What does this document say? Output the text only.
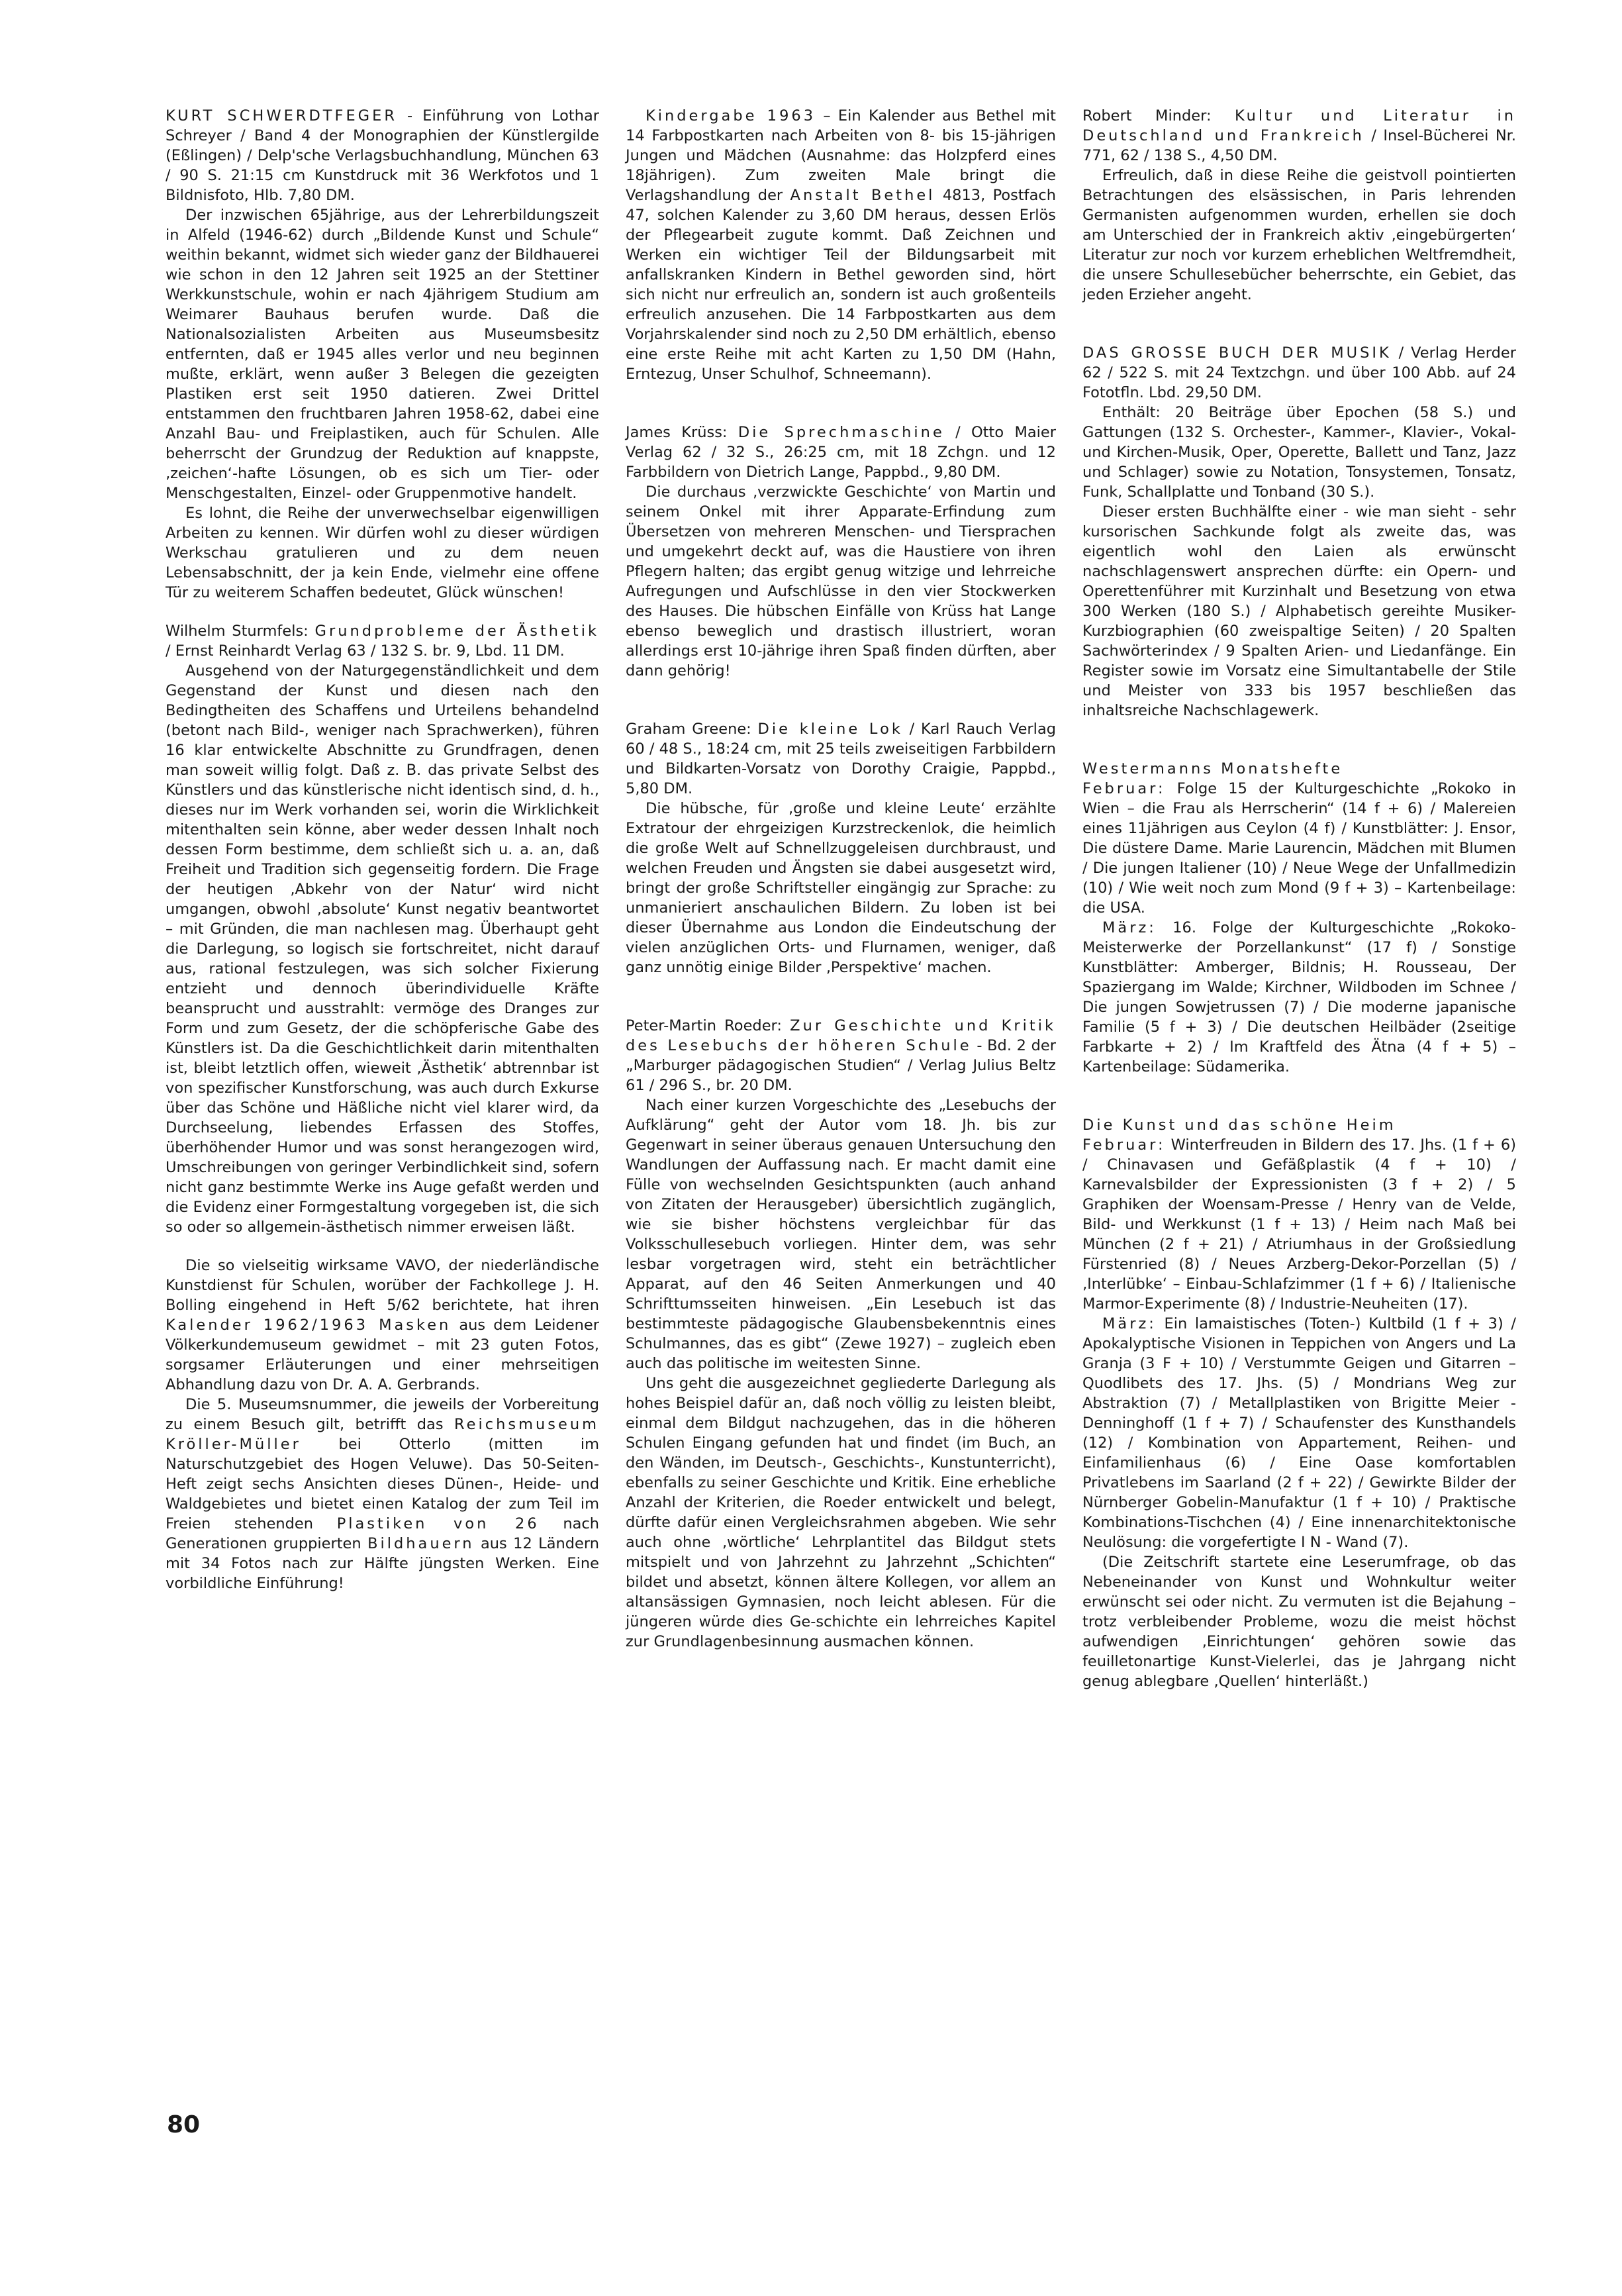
KURT SCHWERDTFEGER - Einführung von Lothar Schreyer / Band 4 der Monographien der Künstlergilde (Eßlingen) / Delp'sche Verlagsbuchhandlung, München 63 / 90 S. 21:15 cm Kunstdruck mit 36 Werkfotos und 1 Bildnisfoto, Hlb. 7,80 DM.

Der inzwischen 65jährige, aus der Lehrerbildungszeit in Alfeld (1946-62) durch „Bildende Kunst und Schule“ weithin bekannt, widmet sich wieder ganz der Bildhauerei wie schon in den 12 Jahren seit 1925 an der Stettiner Werkkunstschule, wohin er nach 4jährigem Studium am Weimarer Bauhaus berufen wurde. Daß die Nationalsozialisten Arbeiten aus Museumsbesitz entfernten, daß er 1945 alles verlor und neu beginnen mußte, erklärt, wenn außer 3 Belegen die gezeigten Plastiken erst seit 1950 datieren. Zwei Drittel entstammen den fruchtbaren Jahren 1958-62, dabei eine Anzahl Bau- und Freiplastiken, auch für Schulen. Alle beherrscht der Grundzug der Reduktion auf knappste, ‚zeichen‘-hafte Lösungen, ob es sich um Tier- oder Menschgestalten, Einzel- oder Gruppenmotive handelt.

Es lohnt, die Reihe der unverwechselbar eigenwilligen Arbeiten zu kennen. Wir dürfen wohl zu dieser würdigen Werkschau gratulieren und zu dem neuen Lebensabschnitt, der ja kein Ende, vielmehr eine offene Tür zu weiterem Schaffen bedeutet, Glück wünschen!

Wilhelm Sturmfels: Grundprobleme der Ästhetik / Ernst Reinhardt Verlag 63 / 132 S. br. 9, Lbd. 11 DM.

Ausgehend von der Naturgegenständlichkeit und dem Gegenstand der Kunst und diesen nach den Bedingtheiten des Schaffens und Urteilens behandelnd (betont nach Bild-, weniger nach Sprachwerken), führen 16 klar entwickelte Abschnitte zu Grundfragen, denen man soweit willig folgt. Daß z. B. das private Selbst des Künstlers und das künstlerische nicht identisch sind, d. h., dieses nur im Werk vorhanden sei, worin die Wirklichkeit mitenthalten sein könne, aber weder dessen Inhalt noch dessen Form bestimme, dem schließt sich u. a. an, daß Freiheit und Tradition sich gegenseitig fordern. Die Frage der heutigen ‚Abkehr von der Natur‘ wird nicht umgangen, obwohl ‚absolute‘ Kunst negativ beantwortet – mit Gründen, die man nachlesen mag. Überhaupt geht die Darlegung, so logisch sie fortschreitet, nicht darauf aus, rational festzulegen, was sich solcher Fixierung entzieht und dennoch überindividuelle Kräfte beansprucht und ausstrahlt: vermöge des Dranges zur Form und zum Gesetz, der die schöpferische Gabe des Künstlers ist. Da die Geschichtlichkeit darin mitenthalten ist, bleibt letztlich offen, wieweit ‚Ästhetik‘ abtrennbar ist von spezifischer Kunstforschung, was auch durch Exkurse über das Schöne und Häßliche nicht viel klarer wird, da Durchseelung, liebendes Erfassen des Stoffes, überhöhender Humor und was sonst herangezogen wird, Umschreibungen von geringer Verbindlichkeit sind, sofern nicht ganz bestimmte Werke ins Auge gefaßt werden und die Evidenz einer Formgestaltung vorgegeben ist, die sich so oder so allgemein-ästhetisch nimmer erweisen läßt.

Die so vielseitig wirksame VAVO, der niederländische Kunstdienst für Schulen, worüber der Fachkollege J. H. Bolling eingehend in Heft 5/62 berichtete, hat ihren Kalender 1962/1963 Masken aus dem Leidener Völkerkundemuseum gewidmet – mit 23 guten Fotos, sorgsamer Erläuterungen und einer mehrseitigen Abhandlung dazu von Dr. A. A. Gerbrands.

Die 5. Museumsnummer, die jeweils der Vorbereitung zu einem Besuch gilt, betrifft das Reichsmuseum Kröller-Müller	bei Otterlo (mitten im Naturschutzgebiet des Hogen Veluwe). Das 50-Seiten-Heft zeigt sechs Ansichten dieses Dünen-, Heide- und Waldgebietes und bietet einen Katalog der zum Teil im Freien stehenden Plastiken von 26 nach Generationen gruppierten Bildhauern aus 12 Ländern mit 34 Fotos nach zur Hälfte jüngsten Werken. Eine vorbildliche Einführung!

Kindergabe 1963 – Ein Kalender aus Bethel mit 14 Farbpostkarten nach Arbeiten von 8- bis 15-jährigen Jungen und Mädchen (Ausnahme: das Holzpferd eines 18jährigen). Zum zweiten Male bringt die Verlagshandlung der Anstalt Bethel 4813, Postfach 47, solchen Kalender zu 3,60 DM heraus, dessen Erlös der Pflegearbeit zugute kommt. Daß Zeichnen und Werken ein wichtiger Teil der Bildungsarbeit mit anfallskranken Kindern in Bethel geworden sind, hört sich nicht nur erfreulich an, sondern ist auch großenteils erfreulich anzusehen. Die 14 Farbpostkarten aus dem Vorjahrskalender sind noch zu 2,50 DM erhältlich, ebenso eine erste Reihe mit acht Karten zu 1,50 DM (Hahn, Erntezug, Unser Schulhof, Schneemann).

James Krüss: Die Sprechmaschine / Otto Maier Verlag 62 / 32 S., 26:25 cm, mit 18 Zchgn. und 12 Farbbildern von Dietrich Lange, Pappbd., 9,80 DM.

Die durchaus ‚verzwickte Geschichte‘ von Martin und seinem Onkel mit ihrer Apparate-Erfindung zum Übersetzen von mehreren Menschen- und Tiersprachen und umgekehrt deckt auf, was die Haustiere von ihren Pflegern halten; das ergibt genug witzige und lehrreiche Aufregungen und Aufschlüsse in den vier Stockwerken des Hauses. Die hübschen Einfälle von Krüss hat Lange ebenso beweglich und drastisch illustriert, woran allerdings erst 10-jährige ihren Spaß finden dürften, aber dann gehörig!

Graham Greene: Die kleine Lok / Karl Rauch Verlag 60 / 48 S., 18:24 cm, mit 25 teils zweiseitigen Farbbildern und Bildkarten-Vorsatz von Dorothy Craigie, Pappbd., 5,80 DM.

Die hübsche, für ‚große und kleine Leute‘ erzählte Extratour der ehrgeizigen Kurzstreckenlok, die heimlich die große Welt auf Schnellzuggeleisen durchbraust, und welchen Freuden und Ängsten sie dabei ausgesetzt wird, bringt der große Schriftsteller eingängig zur Sprache: zu unmanieriert anschaulichen Bildern. Zu loben ist bei dieser Übernahme aus London die Eindeutschung der vielen anzüglichen Orts- und Flurnamen, weniger, daß ganz unnötig einige Bilder ‚Perspektive‘ machen.

Peter-Martin Roeder: Zur Geschichte und Kritik des Lesebuchs der höheren Schule - Bd. 2 der „Marburger pädagogischen Studien“ / Verlag Julius Beltz 61 / 296 S., br. 20 DM.

Nach einer kurzen Vorgeschichte des „Lesebuchs der Aufklärung“ geht der Autor vom 18. Jh. bis zur Gegenwart in seiner überaus genauen Untersuchung den Wandlungen der Auffassung nach. Er macht damit eine Fülle von wechselnden Gesichtspunkten (auch anhand von Zitaten der Herausgeber) übersichtlich zugänglich, wie sie bisher höchstens vergleichbar für das Volksschullesebuch vorliegen. Hinter dem, was sehr lesbar vorgetragen wird, steht ein beträchtlicher Apparat, auf den 46 Seiten Anmerkungen und 40 Schrifttumsseiten hinweisen. „Ein Lesebuch ist das bestimmteste pädagogische Glaubensbekenntnis eines Schulmannes, das es gibt“ (Zewe 1927) – zugleich eben auch das politische im weitesten Sinne.

Uns geht die ausgezeichnet gegliederte Darlegung als hohes Beispiel dafür an, daß noch völlig zu leisten bleibt, einmal dem Bildgut nachzugehen, das in die höheren Schulen Eingang gefunden hat und findet (im Buch, an den Wänden, im Deutsch-, Geschichts-, Kunstunterricht), ebenfalls zu seiner Geschichte und Kritik. Eine erhebliche Anzahl der Kriterien, die Roeder entwickelt und belegt, dürfte dafür einen Vergleichsrahmen abgeben. Wie sehr auch ohne ‚wörtliche‘ Lehrplantitel das Bildgut stets mitspielt und von Jahrzehnt zu Jahrzehnt „Schichten“ bildet und absetzt, können ältere Kollegen, vor allem an altansässigen Gymnasien, noch leicht ablesen. Für die jüngeren würde dies Ge-schichte ein lehrreiches Kapitel zur Grundlagenbesinnung ausmachen können.

Robert Minder: Kultur und Literatur in Deutschland und Frankreich / Insel-Bücherei Nr. 771, 62 / 138 S., 4,50 DM.

Erfreulich, daß in diese Reihe die geistvoll pointierten Betrachtungen des elsässischen, in Paris lehrenden Germanisten aufgenommen wurden, erhellen sie doch am Unterschied der in Frankreich aktiv ‚eingebürgerten‘ Literatur zur noch vor kurzem erheblichen Weltfremdheit, die unsere Schullesebücher beherrschte, ein Gebiet, das jeden Erzieher angeht.

DAS GROSSE BUCH DER MUSIK / Verlag Herder 62 / 522 S. mit 24 Textzchgn. und über 100 Abb. auf 24 Fototfln. Lbd. 29,50 DM.

Enthält: 20 Beiträge über Epochen (58 S.) und Gattungen (132 S. Orchester-, Kammer-, Klavier-, Vokal- und Kirchen-Musik, Oper, Operette, Ballett und Tanz, Jazz und Schlager) sowie zu Notation, Tonsystemen, Tonsatz, Funk, Schallplatte und Tonband (30 S.).

Dieser ersten Buchhälfte einer - wie man sieht - sehr kursorischen Sachkunde folgt als zweite das, was eigentlich wohl den Laien als erwünscht nachschlagenswert ansprechen dürfte: ein Opern- und Operettenführer mit Kurzinhalt und Besetzung von etwa 300 Werken (180 S.) / Alphabetisch gereihte Musiker-Kurzbiographien (60 zweispaltige Seiten) / 20 Spalten Sachwörterindex / 9 Spalten Arien- und Liedanfänge. Ein Register sowie im Vorsatz eine Simultantabelle der Stile und Meister von 333 bis 1957 beschließen das inhaltsreiche Nachschlagewerk.

Westermanns Monatshefte

Februar: Folge 15 der Kulturgeschichte „Rokoko in Wien – die Frau als Herrscherin“ (14 f + 6) / Malereien eines 11jährigen aus Ceylon (4 f) / Kunstblätter: J. Ensor, Die düstere Dame. Marie Laurencin, Mädchen mit Blumen / Die jungen Italiener (10) / Neue Wege der Unfallmedizin (10) / Wie weit noch zum Mond (9 f + 3) – Kartenbeilage: die USA.

März: 16. Folge der Kulturgeschichte „Rokoko-Meisterwerke der Porzellankunst“ (17 f) / Sonstige Kunstblätter: Amberger, Bildnis; H. Rousseau, Der Spaziergang im Walde; Kirchner, Wildboden im Schnee / Die jungen Sowjetrussen (7) / Die moderne japanische Familie (5 f + 3) / Die deutschen Heilbäder (2seitige Farbkarte + 2) / Im Kraftfeld des Ätna (4 f + 5) – Kartenbeilage: Südamerika.

Die Kunst und das schöne Heim

Februar: Winterfreuden in Bildern des 17. Jhs. (1 f + 6) / Chinavasen und Gefäßplastik (4 f + 10) / Karnevalsbilder der Expressionisten (3 f + 2) / 5 Graphiken der Woensam-Presse / Henry van de Velde, Bild- und Werkkunst (1 f + 13) / Heim nach Maß bei München (2 f + 21) / Atriumhaus in der Großsiedlung Fürstenried (8) / Neues Arzberg-Dekor-Porzellan (5) / ‚Interlübke‘ – Einbau-Schlafzimmer (1 f + 6) / Italienische Marmor-Experimente (8) / Industrie-Neuheiten (17).

März: Ein lamaistisches (Toten-) Kultbild (1 f + 3) / Apokalyptische Visionen in Teppichen von Angers und La Granja (3 F + 10) / Verstummte Geigen und Gitarren – Quodlibets des 17. Jhs. (5) / Mondrians Weg zur Abstraktion (7) / Metallplastiken von Brigitte Meier - Denninghoff (1 f + 7) / Schaufenster des Kunsthandels (12) / Kombination von Appartement, Reihen- und Einfamilienhaus (6) / Eine Oase komfortablen Privatlebens im Saarland (2 f + 22) / Gewirkte Bilder der Nürnberger Gobelin-Manufaktur (1 f + 10) / Praktische Kombinations-Tischchen (4) / Eine innenarchitektonische Neulösung: die vorgefertigte I N - Wand (7).

(Die Zeitschrift startete eine Leserumfrage, ob das Nebeneinander von Kunst und Wohnkultur weiter erwünscht sei oder nicht. Zu vermuten ist die Bejahung – trotz verbleibender Probleme, wozu die meist höchst aufwendigen ‚Einrichtungen‘ gehören sowie das feuilletonartige Kunst-Vielerlei, das je Jahrgang nicht genug ablegbare ‚Quellen‘ hinterläßt.)

80
